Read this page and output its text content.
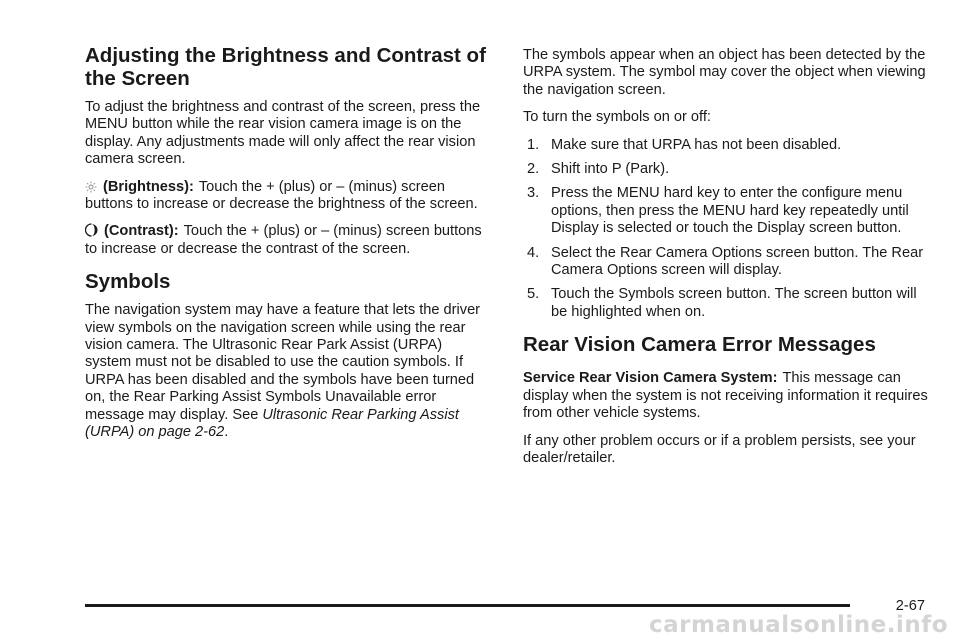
Adjusting the Brightness and Contrast of the Screen

To adjust the brightness and contrast of the screen, press the MENU button while the rear vision camera image is on the display. Any adjustments made will only affect the rear vision camera screen.

(Brightness): Touch the + (plus) or – (minus) screen buttons to increase or decrease the brightness of the screen.

(Contrast): Touch the + (plus) or – (minus) screen buttons to increase or decrease the contrast of the screen.

Symbols

The navigation system may have a feature that lets the driver view symbols on the navigation screen while using the rear vision camera. The Ultrasonic Rear Park Assist (URPA) system must not be disabled to use the caution symbols. If URPA has been disabled and the symbols have been turned on, the Rear Parking Assist Symbols Unavailable error message may display. See Ultrasonic Rear Parking Assist (URPA) on page 2‑62.

The symbols appear when an object has been detected by the URPA system. The symbol may cover the object when viewing the navigation screen.

To turn the symbols on or off:

1. Make sure that URPA has not been disabled.
2. Shift into P (Park).
3. Press the MENU hard key to enter the configure menu options, then press the MENU hard key repeatedly until Display is selected or touch the Display screen button.
4. Select the Rear Camera Options screen button. The Rear Camera Options screen will display.
5. Touch the Symbols screen button. The screen button will be highlighted when on.
Rear Vision Camera Error Messages

Service Rear Vision Camera System: This message can display when the system is not receiving information it requires from other vehicle systems.

If any other problem occurs or if a problem persists, see your dealer/retailer.

2-67
carmanualsonline.info
